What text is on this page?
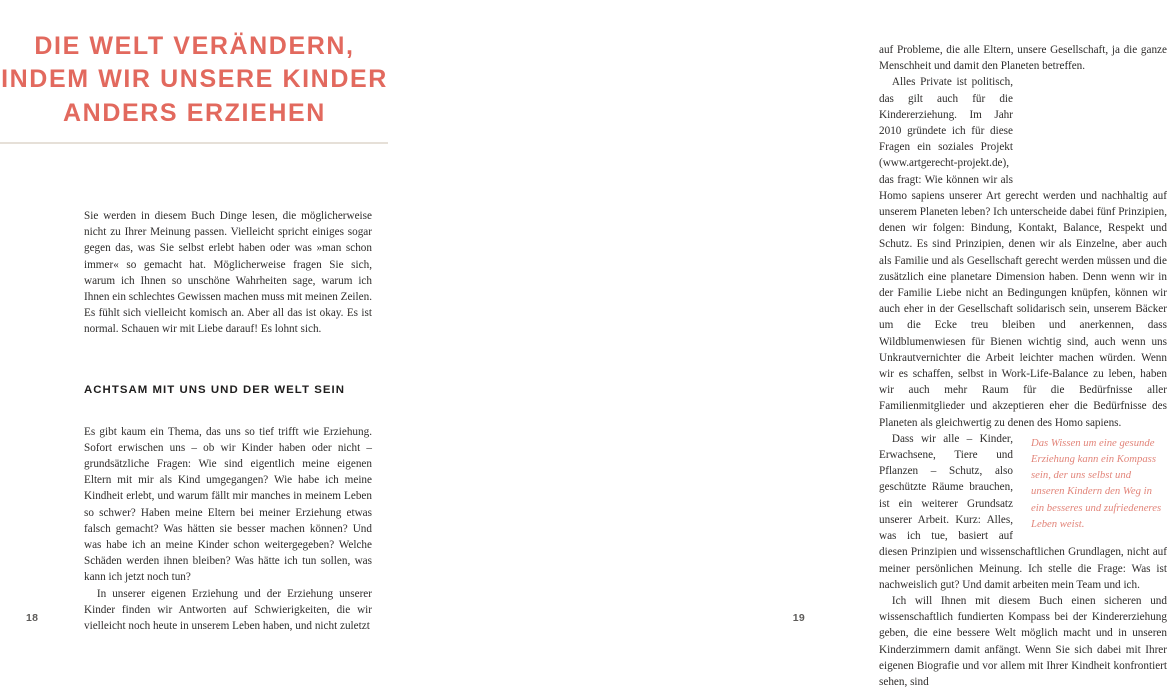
DIE WELT VERÄNDERN,
INDEM WIR UNSERE KINDER
ANDERS ERZIEHEN

Sie werden in diesem Buch Dinge lesen, die möglicherweise nicht zu Ihrer Meinung passen. Vielleicht spricht einiges sogar gegen das, was Sie selbst erlebt haben oder was »man schon immer« so gemacht hat. Möglicherweise fragen Sie sich, warum ich Ihnen so unschöne Wahrheiten sage, warum ich Ihnen ein schlechtes Gewissen machen muss mit meinen Zeilen. Es fühlt sich vielleicht komisch an. Aber all das ist okay. Es ist normal. Schauen wir mit Liebe darauf! Es lohnt sich.

ACHTSAM MIT UNS UND DER WELT SEIN

Es gibt kaum ein Thema, das uns so tief trifft wie Erziehung. Sofort erwischen uns – ob wir Kinder haben oder nicht – grundsätzliche Fragen: Wie sind eigentlich meine eigenen Eltern mit mir als Kind umgegangen? Wie habe ich meine Kindheit erlebt, und warum fällt mir manches in meinem Leben so schwer? Haben meine Eltern bei meiner Erziehung etwas falsch gemacht? Was hätten sie besser machen können? Und was habe ich an meine Kinder schon weitergegeben? Welche Schäden werden ihnen bleiben? Was hätte ich tun sollen, was kann ich jetzt noch tun?

In unserer eigenen Erziehung und der Erziehung unserer Kinder finden wir Antworten auf Schwierigkeiten, die wir vielleicht noch heute in unserem Leben haben, und nicht zuletzt

18

auf Probleme, die alle Eltern, unsere Gesellschaft, ja die ganze Menschheit und damit den Planeten betreffen.

Alles Private ist politisch, das gilt auch für die Kindererziehung. Im Jahr 2010 gründete ich für diese Fragen ein soziales Projekt (www.artgerecht-projekt.de), das fragt: Wie können wir als Homo sapiens unserer Art gerecht werden und nachhaltig auf unserem Planeten leben? Ich unterscheide dabei fünf Prinzipien, denen wir folgen: Bindung, Kontakt, Balance, Respekt und Schutz. Es sind Prinzipien, denen wir als Einzelne, aber auch als Familie und als Gesellschaft gerecht werden müssen und die zusätzlich eine planetare Dimension haben. Denn wenn wir in der Familie Liebe nicht an Bedingungen knüpfen, können wir auch eher in der Gesellschaft solidarisch sein, unserem Bäcker um die Ecke treu bleiben und anerkennen, dass Wildblumenwiesen für Bienen wichtig sind, auch wenn uns Unkrautvernichter die Arbeit leichter machen würden. Wenn wir es schaffen, selbst in Work-Life-Balance zu leben, haben wir auch mehr Raum für die Bedürfnisse aller Familienmitglieder und akzeptieren eher die Bedürfnisse des Planeten als gleichwertig zu denen des Homo sapiens.

Das Wissen um eine gesunde Erziehung kann ein Kompass sein, der uns selbst und unseren Kindern den Weg in ein besseres und zufriedeneres Leben weist.
Dass wir alle – Kinder, Erwachsene, Tiere und Pflanzen – Schutz, also geschützte Räume brauchen, ist ein weiterer Grundsatz unserer Arbeit. Kurz: Alles, was ich tue, basiert auf diesen Prinzipien und wissenschaftlichen Grundlagen, nicht auf meiner persönlichen Meinung. Ich stelle die Frage: Was ist nachweislich gut? Und damit arbeiten mein Team und ich.

Ich will Ihnen mit diesem Buch einen sicheren und wissenschaftlich fundierten Kompass bei der Kindererziehung geben, die eine bessere Welt möglich macht und in unseren Kinderzimmern damit anfängt. Wenn Sie sich dabei mit Ihrer eigenen Biografie und vor allem mit Ihrer Kindheit konfrontiert sehen, sind

19
